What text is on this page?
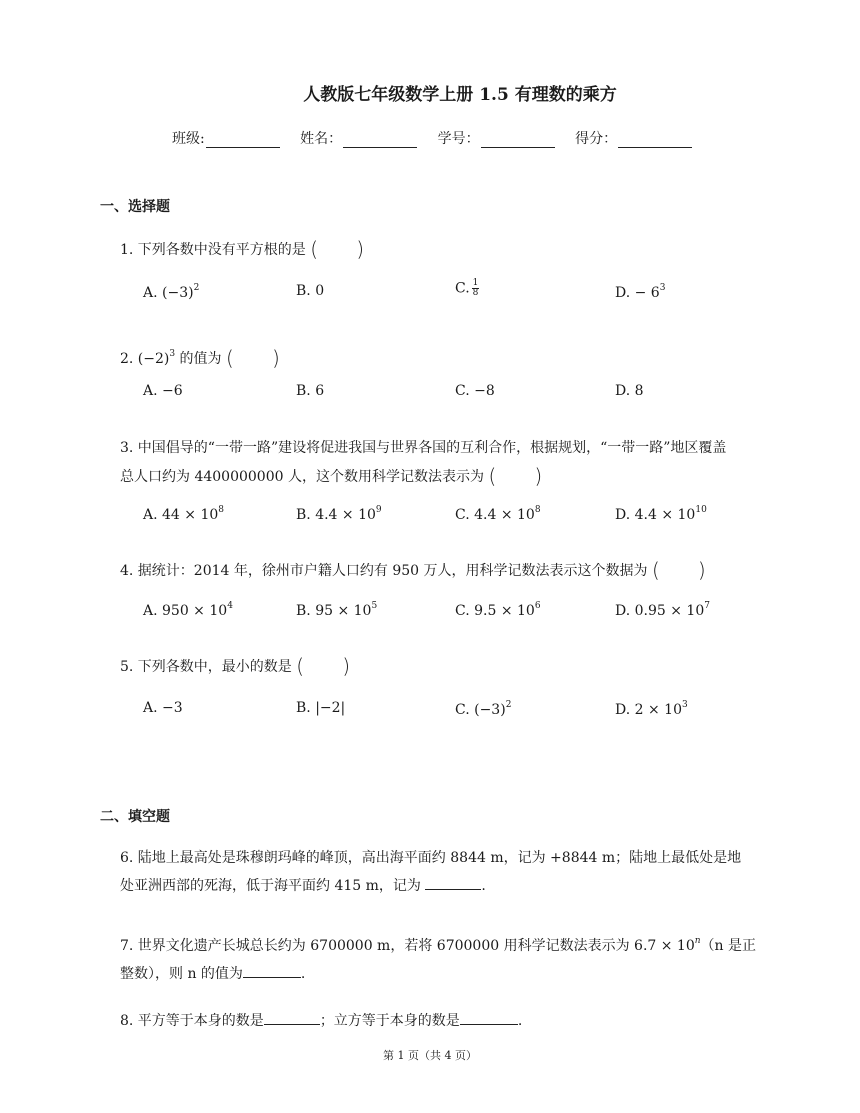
人教版七年级数学上册 1.5 有理数的乘方
班级:	姓名：	学号：	得分：
一、选择题
1. 下列各数中没有平方根的是 (      )
A. $(-3)^2$	B. 0	C. $\frac{1}{8}$	D. − $6^3$
2. $(-2)^3$ 的值为 (      )
A. −6	B. 6	C. −8	D. 8
3. 中国倡导的“一带一路”建设将促进我国与世界各国的互利合作，根据规划，“一带一路”地区覆盖
总人口约为 4400000000 人，这个数用科学记数法表示为 (      )
A. $44 \times 10^8$	B. $4.4 \times 10^9$	C. $4.4 \times 10^8$	D. $4.4 \times 10^{10}$
4. 据统计：2014 年，徐州市户籍人口约有 950 万人，用科学记数法表示这个数据为 (      )
A. $950 \times 10^4$	B. $95 \times 10^5$	C. $9.5 \times 10^6$	D. $0.95 \times 10^7$
5. 下列各数中，最小的数是 (      )
A. −3	B. |−2|	C. $(-3)^2$	D. $2 \times 10^3$
二、填空题
6. 陆地上最高处是珠穆朗玛峰的峰顶，高出海平面约 8844 m，记为 +8844 m；陆地上最低处是地
处亚洲西部的死海，低于海平面约 415 m，记为	.
7. 世界文化遗产长城总长约为 6700000 m，若将 6700000 用科学记数法表示为 $6.7 \times 10^n(n$ 是正
整数），则 n 的值为	.
8. 平方等于本身的数是	；立方等于本身的数是	.
第 1 页（共 4 页）
